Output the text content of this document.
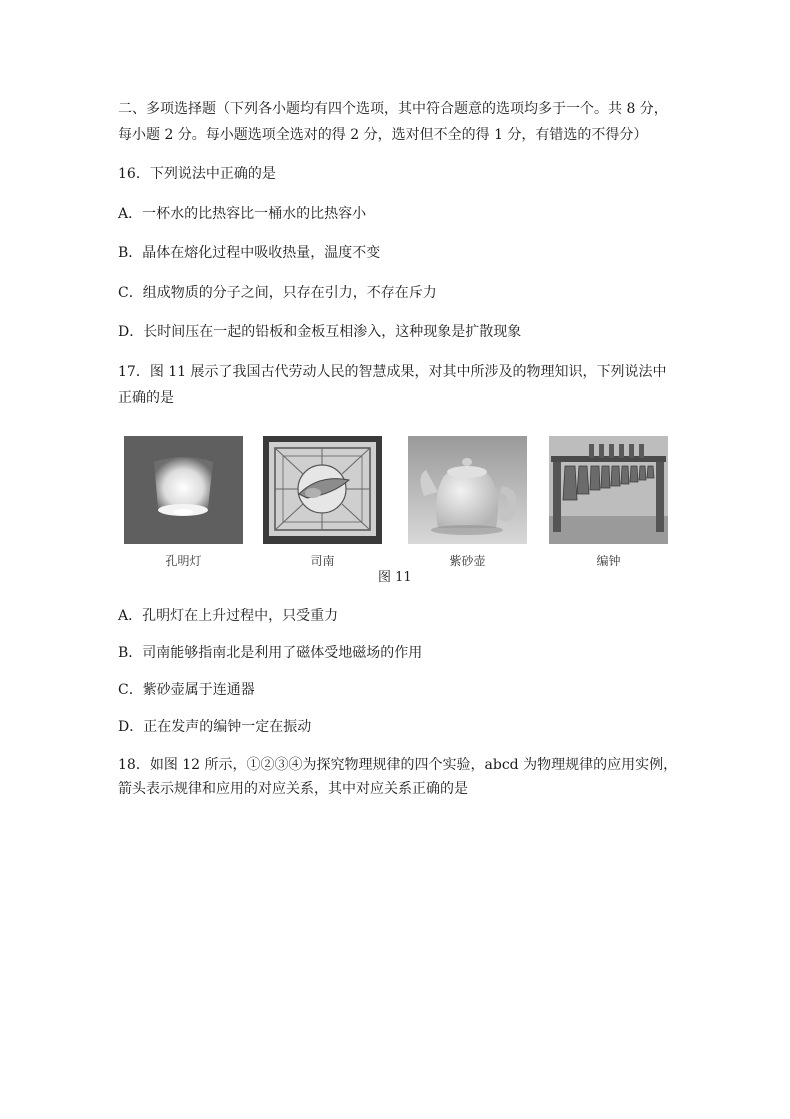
二、多项选择题（下列各小题均有四个选项，其中符合题意的选项均多于一个。共 8 分，
每小题 2 分。每小题选项全选对的得 2 分，选对但不全的得 1 分，有错选的不得分）
16．下列说法中正确的是
A．一杯水的比热容比一桶水的比热容小
B．晶体在熔化过程中吸收热量，温度不变
C．组成物质的分子之间，只存在引力，不存在斥力
D．长时间压在一起的铅板和金板互相渗入，这种现象是扩散现象
17．图 11 展示了我国古代劳动人民的智慧成果，对其中所涉及的物理知识，下列说法中
正确的是
孔明灯	司南	紫砂壶	编钟
图 11
A．孔明灯在上升过程中，只受重力
B．司南能够指南北是利用了磁体受地磁场的作用
C．紫砂壶属于连通器
D．正在发声的编钟一定在振动
18．如图 12 所示，①②③④为探究物理规律的四个实验，abcd 为物理规律的应用实例，
箭头表示规律和应用的对应关系，其中对应关系正确的是
